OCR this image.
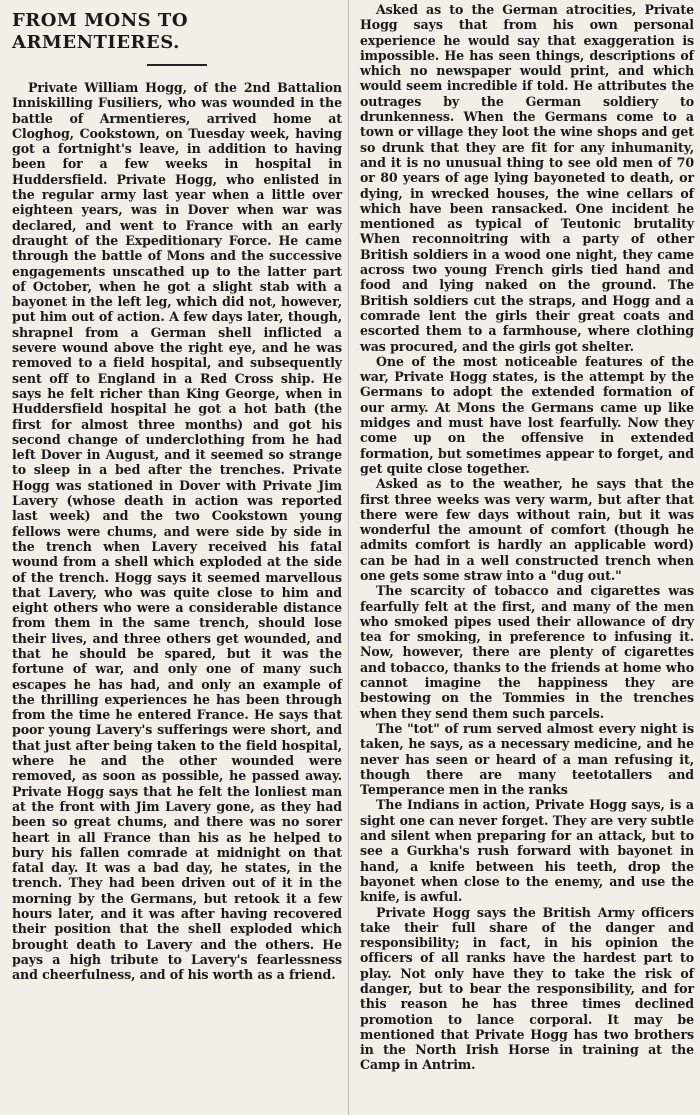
FROM MONS TO ARMENTIERES.

Private William Hogg, of the 2nd Battalion Inniskilling Fusiliers, who was wounded in the battle of Armentieres, arrived home at Cloghog, Cookstown, on Tuesday week, having got a fortnight's leave, in addition to having been for a few weeks in hospital in Huddersfield. Private Hogg, who enlisted in the regular army last year when a little over eighteen years, was in Dover when war was declared, and went to France with an early draught of the Expeditionary Force. He came through the battle of Mons and the successive engagements unscathed up to the latter part of October, when he got a slight stab with a bayonet in the left leg, which did not, however, put him out of action. A few days later, though, shrapnel from a German shell inflicted a severe wound above the right eye, and he was removed to a field hospital, and subsequently sent off to England in a Red Cross ship. He says he felt richer than King George, when in Huddersfield hospital he got a hot bath (the first for almost three months) and got his second change of underclothing from he had left Dover in August, and it seemed so strange to sleep in a bed after the trenches. Private Hogg was stationed in Dover with Private Jim Lavery (whose death in action was reported last week) and the two Cookstown young fellows were chums, and were side by side in the trench when Lavery received his fatal wound from a shell which exploded at the side of the trench. Hogg says it seemed marvellous that Lavery, who was quite close to him and eight others who were a considerable distance from them in the same trench, should lose their lives, and three others get wounded, and that he should be spared, but it was the fortune of war, and only one of many such escapes he has had, and only an example of the thrilling experiences he has been through from the time he entered France. He says that poor young Lavery's sufferings were short, and that just after being taken to the field hospital, where he and the other wounded were removed, as soon as possible, he passed away. Private Hogg says that he felt the lonliest man at the front with Jim Lavery gone, as they had been so great chums, and there was no sorer heart in all France than his as he helped to bury his fallen comrade at midnight on that fatal day. It was a bad day, he states, in the trench. They had been driven out of it in the morning by the Germans, but retook it a few hours later, and it was after having recovered their position that the shell exploded which brought death to Lavery and the others. He pays a high tribute to Lavery's fearlessness and cheerfulness, and of his worth as a friend.

Asked as to the German atrocities, Private Hogg says that from his own personal experience he would say that exaggeration is impossible. He has seen things, descriptions of which no newspaper would print, and which would seem incredible if told. He attributes the outrages by the German soldiery to drunkenness. When the Germans come to a town or village they loot the wine shops and get so drunk that they are fit for any inhumanity, and it is no unusual thing to see old men of 70 or 80 years of age lying bayoneted to death, or dying, in wrecked houses, the wine cellars of which have been ransacked. One incident he mentioned as typical of Teutonic brutality When reconnoitring with a party of other British soldiers in a wood one night, they came across two young French girls tied hand and food and lying naked on the ground. The British soldiers cut the straps, and Hogg and a comrade lent the girls their great coats and escorted them to a farmhouse, where clothing was procured, and the girls got shelter.

One of the most noticeable features of the war, Private Hogg states, is the attempt by the Germans to adopt the extended formation of our army. At Mons the Germans came up like midges and must have lost fearfully. Now they come up on the offensive in extended formation, but sometimes appear to forget, and get quite close together.

Asked as to the weather, he says that the first three weeks was very warm, but after that there were few days without rain, but it was wonderful the amount of comfort (though he admits comfort is hardly an applicable word) can be had in a well constructed trench when one gets some straw into a "dug out."

The scarcity of tobacco and cigarettes was fearfully felt at the first, and many of the men who smoked pipes used their allowance of dry tea for smoking, in preference to infusing it. Now, however, there are plenty of cigarettes and tobacco, thanks to the friends at home who cannot imagine the happiness they are bestowing on the Tommies in the trenches when they send them such parcels.

The "tot" of rum served almost every night is taken, he says, as a necessary medicine, and he never has seen or heard of a man refusing it, though there are many teetotallers and Temperance men in the ranks

The Indians in action, Private Hogg says, is a sight one can never forget. They are very subtle and silent when preparing for an attack, but to see a Gurkha's rush forward with bayonet in hand, a knife between his teeth, drop the bayonet when close to the enemy, and use the knife, is awful.

Private Hogg says the British Army officers take their full share of the danger and responsibility; in fact, in his opinion the officers of all ranks have the hardest part to play. Not only have they to take the risk of danger, but to bear the responsibility, and for this reason he has three times declined promotion to lance corporal. It may be mentioned that Private Hogg has two brothers in the North Irish Horse in training at the Camp in Antrim.
